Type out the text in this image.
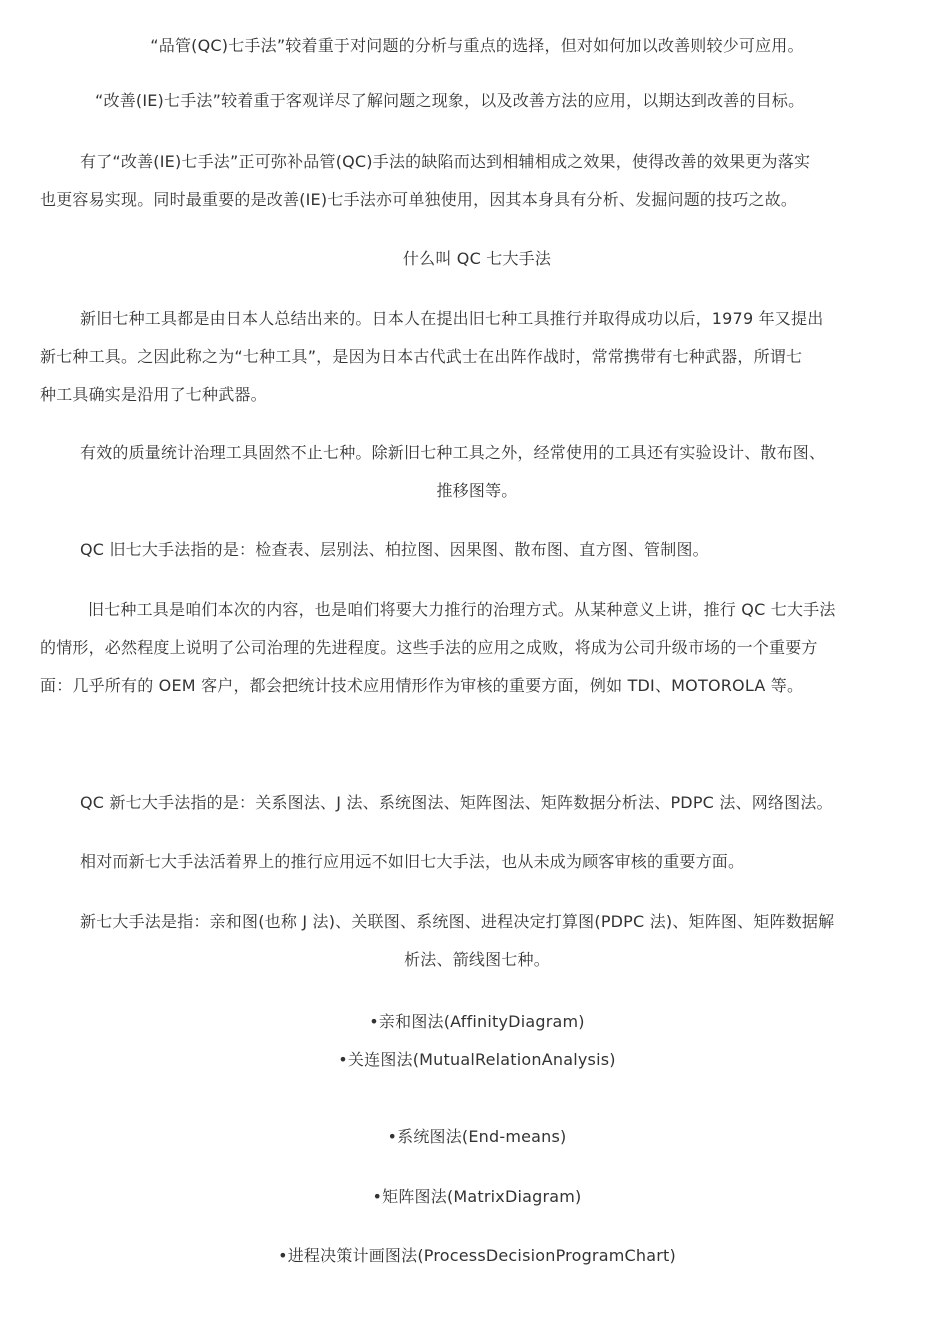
“品管(QC)七手法”较着重于对问题的分析与重点的选择，但对如何加以改善则较少可应用。
“改善(IE)七手法”较着重于客观详尽了解问题之现象，以及改善方法的应用，以期达到改善的目标。

有了“改善(IE)七手法”正可弥补品管(QC)手法的缺陷而达到相辅相成之效果，使得改善的效果更为落实

也更容易实现。同时最重要的是改善(IE)七手法亦可单独使用，因其本身具有分析、发掘问题的技巧之故。

什么叫 QC 七大手法

新旧七种工具都是由日本人总结出来的。日本人在提出旧七种工具推行并取得成功以后，1979 年又提出

新七种工具。之因此称之为“七种工具”，是因为日本古代武士在出阵作战时，常常携带有七种武器，所谓七

种工具确实是沿用了七种武器。

有效的质量统计治理工具固然不止七种。除新旧七种工具之外，经常使用的工具还有实验设计、散布图、

推移图等。

QC 旧七大手法指的是：检查表、层别法、柏拉图、因果图、散布图、直方图、管制图。

旧七种工具是咱们本次的内容，也是咱们将要大力推行的治理方式。从某种意义上讲，推行 QC 七大手法

的情形，必然程度上说明了公司治理的先进程度。这些手法的应用之成败，将成为公司升级市场的一个重要方

面：几乎所有的 OEM 客户，都会把统计技术应用情形作为审核的重要方面，例如 TDI、MOTOROLA 等。

QC 新七大手法指的是：关系图法、J 法、系统图法、矩阵图法、矩阵数据分析法、PDPC 法、网络图法。
相对而新七大手法活着界上的推行应用远不如旧七大手法，也从未成为顾客审核的重要方面。

新七大手法是指：亲和图(也称 J 法)、关联图、系统图、进程决定打算图(PDPC 法)、矩阵图、矩阵数据解

析法、箭线图七种。

•亲和图法(AffinityDiagram)
•关连图法(MutualRelationAnalysis)
•系统图法(End-means)
•矩阵图法(MatrixDiagram)
•进程决策计画图法(ProcessDecisionProgramChart)
